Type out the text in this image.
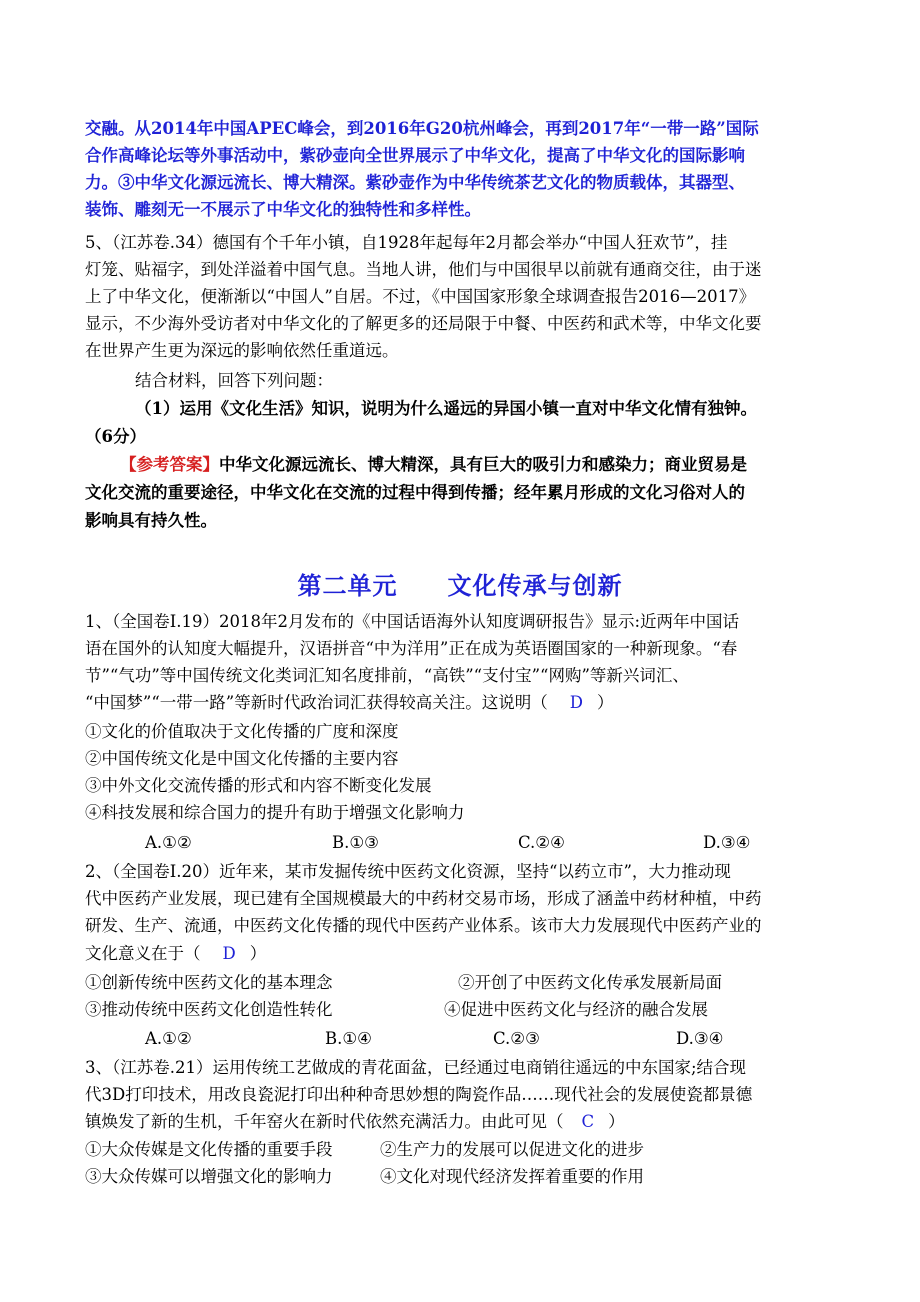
交融。从2014年中国APEC峰会，到2016年G20杭州峰会，再到2017年“一带一路”国际
合作高峰论坛等外事活动中，紫砂壶向全世界展示了中华文化，提高了中华文化的国际影响
力。③中华文化源远流长、博大精深。紫砂壶作为中华传统茶艺文化的物质载体，其器型、
装饰、雕刻无一不展示了中华文化的独特性和多样性。
5、（江苏卷.34）德国有个千年小镇，自1928年起每年2月都会举办“中国人狂欢节”，挂
灯笼、贴福字，到处洋溢着中国气息。当地人讲，他们与中国很早以前就有通商交往，由于迷
上了中华文化，便渐渐以“中国人”自居。不过，《中国国家形象全球调查报告2016—2017》
显示，不少海外受访者对中华文化的了解更多的还局限于中餐、中医药和武术等，中华文化要
在世界产生更为深远的影响依然任重道远。
结合材料，回答下列问题：
（1）运用《文化生活》知识，说明为什么遥远的异国小镇一直对中华文化情有独钟。
（6分）
【参考答案】中华文化源远流长、博大精深，具有巨大的吸引力和感染力；商业贸易是
文化交流的重要途径，中华文化在交流的过程中得到传播；经年累月形成的文化习俗对人的
影响具有持久性。
第二单元 文化传承与创新
1、（全国卷Ⅰ.19）2018年2月发布的《中国话语海外认知度调研报告》显示:近两年中国话
语在国外的认知度大幅提升，汉语拼音“中为洋用”正在成为英语圈国家的一种新现象。“春
节”“气功”等中国传统文化类词汇知名度排前，“高铁”“支付宝”“网购”等新兴词汇、
“中国梦”“一带一路”等新时代政治词汇获得较高关注。这说明（ D ）
①文化的价值取决于文化传播的广度和深度
②中国传统文化是中国文化传播的主要内容
③中外文化交流传播的形式和内容不断变化发展
④科技发展和综合国力的提升有助于增强文化影响力
A.①②	B.①③	C.②④	D.③④
2、（全国卷Ⅰ.20）近年来，某市发掘传统中医药文化资源，坚持“以药立市”，大力推动现
代中医药产业发展，现已建有全国规模最大的中药材交易市场，形成了涵盖中药材种植，中药
研发、生产、流通，中医药文化传播的现代中医药产业体系。该市大力发展现代中医药产业的
文化意义在于（ D ）
①创新传统中医药文化的基本理念	②开创了中医药文化传承发展新局面
③推动传统中医药文化创造性转化	④促进中医药文化与经济的融合发展
A.①②	B.①④	C.②③	D.③④
3、（江苏卷.21）运用传统工艺做成的青花面盆，已经通过电商销往遥远的中东国家;结合现
代3D打印技术，用改良瓷泥打印出种种奇思妙想的陶瓷作品……现代社会的发展使瓷都景德
镇焕发了新的生机，千年窑火在新时代依然充满活力。由此可见（ C ）
①大众传媒是文化传播的重要手段	②生产力的发展可以促进文化的进步
③大众传媒可以增强文化的影响力	④文化对现代经济发挥着重要的作用
